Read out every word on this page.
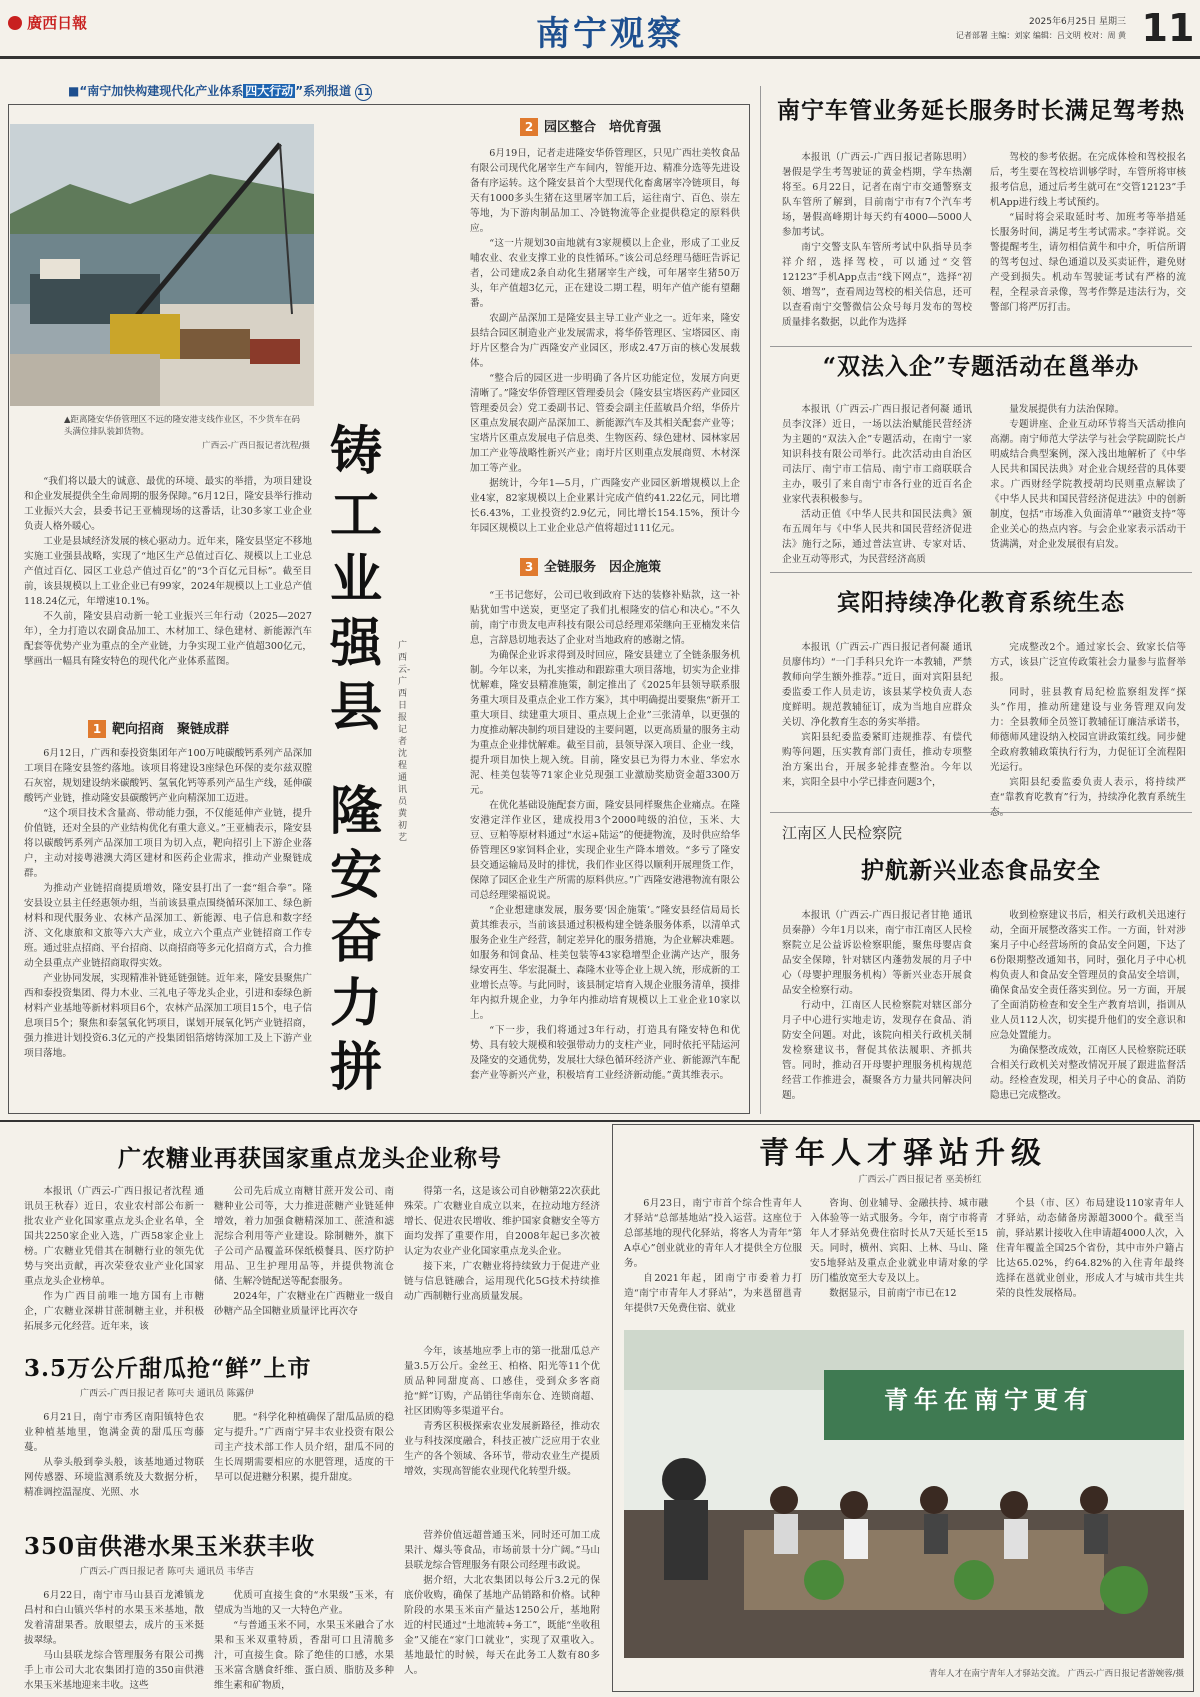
廣西日報	南宁观察	2025年6月25日 星期三
记者部署 主编：刘家 编辑：吕文明 校对：周 黄 11
■“南宁加快构建现代化产业体系 四大行动 ”系列报道 11
▲距离隆安华侨管理区不远的隆安港支线作业区，不少货车在码头满位排队装卸货物。
广西云-广西日报记者沈程/摄 铸工业强县
隆安奋力拼
广西云-广西日报记者 沈程 通讯员 黄初艺

“我们将以最大的诚意、最优的环境、最实的举措，为项目建设和企业发展提供全生命周期的服务保障。”6月12日，隆安县举行推动工业振兴大会，县委书记王亚楠现场的这番话，让30多家工业企业负责人格外暖心。

工业是县域经济发展的核心驱动力。近年来，隆安县坚定不移地实施工业强县战略，实现了“地区生产总值过百亿、规模以上工业总产值过百亿、园区工业总产值过百亿”的“3个百亿元目标”。截至目前，该县规模以上工业企业已有99家，2024年规模以上工业总产值118.24亿元，年增速10.1%。

不久前，隆安县启动新一轮工业振兴三年行动（2025—2027年），全力打造以农副食品加工、木材加工、绿色建材、新能源汽车配套等优势产业为重点的全产业链，力争实现工业产值超300亿元，擘画出一幅具有隆安特色的现代化产业体系蓝图。

1 靶向招商　聚链成群

6月12日，广西和泰投资集团年产100万吨碳酸钙系列产品深加工项目在隆安县签约落地。该项目将建设3座绿色环保的麦尔兹双膛石灰窑，规划建设纳米碳酸钙、氢氧化钙等系列产品生产线，延伸碳酸钙产业链，推动隆安县碳酸钙产业向精深加工迈进。

“这个项目技术含量高、带动能力强，不仅能延伸产业链，提升价值链，还对全县的产业结构优化有重大意义。”王亚楠表示，隆安县将以碳酸钙系列产品深加工项目为切入点，靶向招引上下游企业落户，主动对接粤港澳大湾区建材和医药企业需求，推动产业聚链成群。

为推动产业链招商提质增效，隆安县打出了一套“组合拳”。隆安县设立县主任经惠领办组，当前该县重点围绕循环深加工、绿色新材料和现代服务业、农林产品深加工、新能源、电子信息和数字经济、文化康旅和文旅等六大产业，成立六个重点产业链招商工作专班。通过驻点招商、平台招商、以商招商等多元化招商方式，合力推动全县重点产业链招商取得实效。

产业协同发展，实现精准补链延链强链。近年来，隆安县聚焦广西和泰投资集团、得力木业、三礼电子等龙头企业，引进和泰绿色新材料产业基地等新材料项目6个，农林产品深加工项目15个，电子信息项目5个；聚焦和泰氢氧化钙项目，谋划开展氧化钙产业链招商，强力推进计划投资6.3亿元的产投集团铝箔熔铸深加工及上下游产业项目落地。

2 园区整合　培优育强

6月19日，记者走进隆安华侨管理区，只见广西壮美牧食品有限公司现代化屠宰生产车间内，智能开边、精准分选等先进设备有序运转。这个隆安县首个大型现代化畜禽屠宰冷链项目，每天有1000多头生猪在这里屠宰加工后，运往南宁、百色、崇左等地，为下游肉制品加工、冷链物流等企业提供稳定的原料供应。

“这一片规划30亩地就有3家规模以上企业，形成了工业反哺农业、农业支撑工业的良性循环。”该公司总经理马德旺告诉记者，公司建成2条自动化生猪屠宰生产线，可年屠宰生猪50万头，年产值超3亿元，正在建设二期工程，明年产值产能有望翻番。

农副产品深加工是隆安县主导工业产业之一。近年来，隆安县结合园区制造业产业发展需求，将华侨管理区、宝塔园区、南圩片区整合为广西隆安产业园区，形成2.47万亩的核心发展载体。

“整合后的园区进一步明确了各片区功能定位，发展方向更清晰了。”隆安华侨管理区管理委员会（隆安县宝塔医药产业园区管理委员会）党工委副书记、管委会副主任蓝敏昌介绍，华侨片区重点发展农副产品深加工、新能源汽车及其相关配套产业等；宝塔片区重点发展电子信息类、生物医药、绿色建材、园林家居加工产业等战略性新兴产业；南圩片区则重点发展商贸、木材深加工等产业。

据统计，今年1—5月，广西隆安产业园区新增规模以上企业4家，82家规模以上企业累计完成产值约41.22亿元，同比增长6.43%，工业投资约2.9亿元，同比增长154.15%，预计今年园区规模以上工业企业总产值将超过111亿元。

3 全链服务　因企施策

“王书记您好，公司已收到政府下达的装修补贴款，这一补贴犹如雪中送炭，更坚定了我们扎根隆安的信心和决心。”不久前，南宁市贵友电声科技有限公司总经理邓荣继向王亚楠发来信息，言辞恳切地表达了企业对当地政府的感谢之情。

为确保企业诉求得到及时回应，隆安县建立了全链条服务机制。今年以来，为扎实推动和跟踪重大项目落地，切实为企业排忧解难，隆安县精准施策，制定推出了《2025年县领导联系服务重大项目及重点企业工作方案》，其中明确提出要聚焦“新开工重大项目、续建重大项目、重点规上企业”三张清单，以更强的力度推动解决制约项目建设的主要问题，以更高质量的服务主动为重点企业排忧解难。截至目前，县领导深入项目、企业一线，提升项目加快上规入统。目前，隆安县已为得力木业、华宏水泥、桂美包装等71家企业兑现强工业激励奖励资金超3300万元。

在优化基础设施配套方面，隆安县同样聚焦企业痛点。在隆安港定洋作业区，建成投用3个2000吨级的泊位，玉米、大豆、豆粕等原材料通过“水运+陆运”的便捷物流，及时供应给华侨管理区9家饲料企业，实现企业生产降本增效。“多亏了隆安县交通运输局及时的排忧，我们作业区得以顺利开展理货工作，保障了园区企业生产所需的原料供应。”广西隆安港港物流有限公司总经理梁福说说。

“企业想建康发展，服务要‘因企施策’。”隆安县经信局局长黄其维表示，当前该县通过积极构建全链条服务体系，以清单式服务企业生产经营，制定差异化的服务措施，为企业解决难题。如服务和饲食品、桂美包装等43家稳增型企业满产达产，服务绿安再生、华宏混凝土、森隆木业等企业上规入统，形成新的工业增长点等。与此同时，该县制定培育入规企业服务清单，摸排年内拟升规企业，力争年内推动培育规模以上工业企业10家以上。

“下一步，我们将通过3年行动，打造具有隆安特色和优势、具有较大规模和较强带动力的支柱产业，同时依托平陆运河及隆安的交通优势，发展壮大绿色循环经济产业、新能源汽车配套产业等新兴产业，积极培育工业经济新动能。”黄其维表示。

南宁车管业务延长服务时长满足驾考热

本报讯（广西云-广西日报记者陈思明）暑假是学生考驾驶证的黄金档期，学车热潮将至。6月22日，记者在南宁市交通警察支队车管所了解到，目前南宁市有7个汽车考场，暑假高峰期计每天约有4000—5000人参加考试。

南宁交警支队车管所考试中队指导员李祥介绍，选择驾校，可以通过“交管12123”手机App点击“线下网点”，选择“初领、增驾”，查看周边驾校的相关信息，还可以查看南宁交警微信公众号每月发布的驾校质量排名数据，以此作为选择

驾校的参考依据。在完成体检和驾校报名后，考生要在驾校培训够学时，车管所将审核报考信息，通过后考生就可在“交管12123”手机App进行线上考试预约。

“届时将会采取延时考、加班考等举措延长服务时间，满足考生考试需求。”李祥说。交警提醒考生，请勿相信黄牛和中介，听信所谓的驾考包过、绿色通道以及买卖证件，避免财产受到损失。机动车驾驶证考试有严格的流程，全程录音录像，驾考作弊是违法行为，交警部门将严厉打击。

“双法入企”专题活动在邕举办

本报讯（广西云-广西日报记者何凝 通讯员李汶泽）近日，一场以法治赋能民营经济为主题的“双法入企”专题活动，在南宁一家知识科技有限公司举行。此次活动由自治区司法厅、南宁市工信局、南宁市工商联联合主办，吸引了来自南宁市各行业的近百名企业家代表积极参与。

活动正值《中华人民共和国民法典》颁布五周年与《中华人民共和国民营经济促进法》施行之际，通过普法宣讲、专家对话、企业互动等形式，为民营经济高质

量发展提供有力法治保障。

专题讲座、企业互动环节将当天活动推向高潮。南宁师范大学法学与社会学院副院长卢明威结合典型案例，深入浅出地解析了《中华人民共和国民法典》对企业合规经营的具体要求。广西财经学院教授胡均民则重点解读了《中华人民共和国民营经济促进法》中的创新制度，包括“市场准入负面清单”“融资支持”等企业关心的热点内容。与会企业家表示活动干货满满，对企业发展很有启发。

宾阳持续净化教育系统生态

本报讯（广西云-广西日报记者何凝 通讯员廖伟均）“一门手科只允许一本教辅，严禁教师向学生额外推荐。”近日，面对宾阳县纪委监委工作人员走访，该县某学校负责人态度鲜明。规范教辅征订，成为当地自应群众关切、净化教育生态的务实举措。

宾阳县纪委监委紧盯违规推荐、有偿代购等问题，压实教育部门责任，推动专项整治方案出台，开展多轮排查整治。今年以来，宾阳全县中小学已排查问题3个，

完成整改2个。通过家长会、致家长信等方式，该县广泛宣传政策社会力量参与监督举报。

同时，驻县教育局纪检监察组发挥“探头”作用，推动所建建设与业务管理双向发力：全县教师全员签订教辅征订廉洁承诺书，师德师风建设纳入校园宣讲政策红线。同步健全政府教辅政策执行行为，力促征订全流程阳光运行。

宾阳县纪委监委负责人表示，将持续严查“靠教育吃教育”行为，持续净化教育系统生

江南区人民检察院
护航新兴业态食品安全

本报讯（广西云-广西日报记者甘艳 通讯员秦静）今年1月以来，南宁市江南区人民检察院立足公益诉讼检察职能，聚焦母婴店食品安全保障，针对辖区内蓬勃发展的月子中心（母婴护理服务机构）等新兴业态开展食品安全检察行动。

行动中，江南区人民检察院对辖区部分月子中心进行实地走访，发现存在食品、消防安全问题。对此，该院向相关行政机关制发检察建议书，督促其依法履职、齐抓共管。同时，推动召开母婴护理服务机构规范经营工作推进会，凝聚各方力量共同解决问题。

收到检察建议书后，相关行政机关迅速行动，全面开展整改落实工作。一方面，针对涉案月子中心经营场所的食品安全问题，下达了6份限期整改通知书，同时，强化月子中心机构负责人和食品安全管理员的食品安全培训，确保食品安全责任落实到位。另一方面，开展了全面消防检查和安全生产教育培训，指训从业人员112人次，切实提升他们的安全意识和应急处置能力。

为确保整改成效，江南区人民检察院还联合相关行政机关对整改情况开展了跟进监督活动。经检查发现，相关月子中心的食品、消防隐患已完成整改。

广农糖业再获国家重点龙头企业称号

本报讯（广西云-广西日报记者沈程 通讯员王秋春）近日，农业农村部公布新一批农业产业化国家重点龙头企业名单，全国共2250家企业入选，广西58家企业上榜。广农糖业凭借其在制糖行业的领先优势与突出贡献，再次荣登农业产业化国家重点龙头企业榜单。

作为广西目前唯一地方国有上市糖企，广农糖业深耕甘蔗制糖主业，并积极拓展多元化经营。近年来，该

公司先后成立南糖甘蔗开发公司、南糖种业公司等，大力推进蔗糖产业链延伸增效，着力加强食糖精深加工、蔗渣和滤泥综合利用等产业建设。除制糖外，旗下子公司产品覆盖环保纸模餐具、医疗防护用品、卫生护理用品等，并提供物流仓储、生解冷链配送等配套服务。

2024年，广农糖业在广西糖业一级自砂糖产品全国糖业质量评比再次夺

得第一名，这是该公司自砂糖第22次获此殊荣。广农糖业自成立以来，在拉动地方经济增长、促进农民增收、维护国家食糖安全等方面均发挥了重要作用，自2008年起已多次被认定为农业产业化国家重点龙头企业。

接下来，广农糖业将持续致力于促进产业链与信息链融合，运用现代化5G技术持续推动广西制糖行业高质量发展。

3.5万公斤甜瓜抢“鲜”上市
广西云-广西日报记者 陈可夫 通讯员 陈露伊

6月21日，南宁市秀区南阳镇特色农业种植基地里，饱满金黄的甜瓜压弯藤蔓。

从拳头般到拳头般，该基地通过物联网传感器、环境监测系统及大数据分析，精准调控温湿度、光照、水

肥。“科学化种植确保了甜瓜品质的稳定与提升。”广西南宁昇丰农业投资有限公司主产技术部工作人员介绍，甜瓜不同的生长周期需要相应的水肥管理，适度的干旱可以促进糖分积累，提升甜度。

今年，该基地应季上市的第一批甜瓜总产量3.5万公斤。金丝王、柏格、阳光等11个优质品种同甜度高、口感佳，受到众多客商抢“鲜”订购，产品销往华南东仓、连锁商超、社区团购等多渠道平台。

青秀区积极探索农业发展新路径，推动农业与科技深度融合，科技正被广泛应用于农业生产的各个领域、各环节，带动农业生产提质增效，实现高智能农业现代化转型升级。

350亩供港水果玉米获丰收
广西云-广西日报记者 陈可夫 通讯员 韦华吉

6月22日，南宁市马山县百龙滩镇龙昌村和白山镇兴华村的水果玉米基地，散发着清甜果香。放眼望去，成片的玉米挺拔翠绿。

马山县联龙综合管理服务有限公司携手上市公司大北农集团打造的350亩供港水果玉米基地迎来丰收。这些

优质可直接生食的“水果级”玉米，有望成为当地的又一大特色产业。

“与普通玉米不同，水果玉米融合了水果和玉米双重特质，香甜可口且清脆多汁，可直接生食。除了绝佳的口感，水果玉米富含膳食纤维、蛋白质、脂肪及多种维生素和矿物质，

营养价值远超普通玉米，同时还可加工成果汁、爆头等食品，市场前景十分广阔。”马山县联龙综合管理服务有限公司经理韦政说。

据介绍，大北农集团以每公斤3.2元的保底价收购，确保了基地产品销路和价格。试种阶段的水果玉米亩产量达1250公斤，基地附近的村民通过“土地流转+务工”，既能“坐收租金”又能在“家门口就业”，实现了双重收入。基地最忙的时候，每天在此务工人数有80多人。

青年人才驿站升级
广西云-广西日报记者 巫美桥红

6月23日，南宁市首个综合性青年人才驿站“总部基地站”投入运营。这座位于总部基地的现代化驿站，将客人为青年“第A卓心”创业就业的青年人才提供全方位服务。

自2021年起，团南宁市委着力打造“南宁市青年人才驿站”，为来邕留邕青年提供7天免费住宿、就业

咨询、创业辅导、金融扶持、城市融入体验等一站式服务。今年，南宁市将青年人才驿站免费住宿时长从7天延长至15天。同时，横州、宾阳、上林、马山、隆安5地驿站及重点企业就业申请对象的学历门槛放宽至大专及以上。

数据显示，目前南宁市已在12

个县（市、区）布局建设110家青年人才驿站，动态储备房源超3000个。截至当前，驿站累计接收入住申请超4000人次，入住青年覆盖全国25个省份，其中市外户籍占比达65.02%，约64.82%的入住青年最终选择在邕就业创业，形成人才与城市共生共荣的良性发展格局。

青年在南宁更有
青年人才在南宁青年人才驿站交流。 广西云-广西日报记者游婉蓉/摄
